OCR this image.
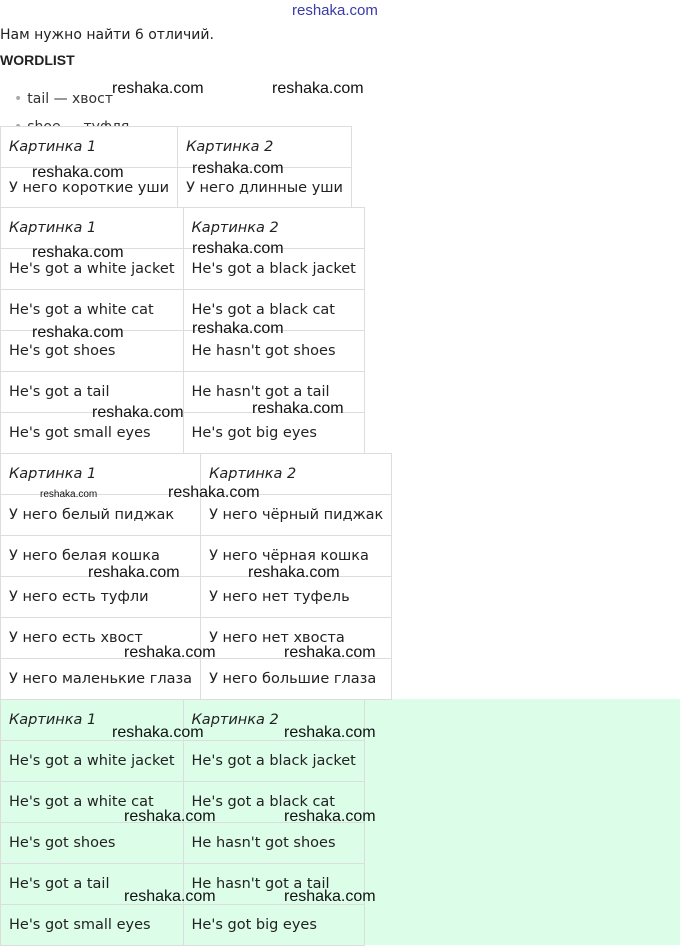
reshaka.com
Нам нужно найти 6 отличий.
WORDLIST
• tail — хвост
Картинка 1	Картинка 2
У него короткие уши	У него длинные уши
Картинка 1	Картинка 2
He's got a white jacket	He's got a black jacket
He's got a white cat	He's got a black cat
He's got shoes	He hasn't got shoes
He's got a tail	He hasn't got a tail
He's got small eyes	He's got big eyes
Картинка 1	Картинка 2
У него белый пиджак	У него чёрный пиджак
У него белая кошка	У него чёрная кошка
У него есть туфли	У него нет туфель
У него есть хвост	У него нет хвоста
У него маленькие глаза	У него большие глаза
Картинка 1	Картинка 2
He's got a white jacket	He's got a black jacket
He's got a white cat	He's got a black cat
He's got shoes	He hasn't got shoes
He's got a tail	He hasn't got a tail
He's got small eyes	He's got big eyes
reshaka.com	reshaka.com
reshaka.com	reshaka.com
reshaka.com	reshaka.com
reshaka.com	reshaka.com
reshaka.com	reshaka.com
reshaka.com	reshaka.com
reshaka.com	reshaka.com
reshaka.com	reshaka.com
reshaka.com	reshaka.com
reshaka.com	reshaka.com
reshaka.com	reshaka.com
